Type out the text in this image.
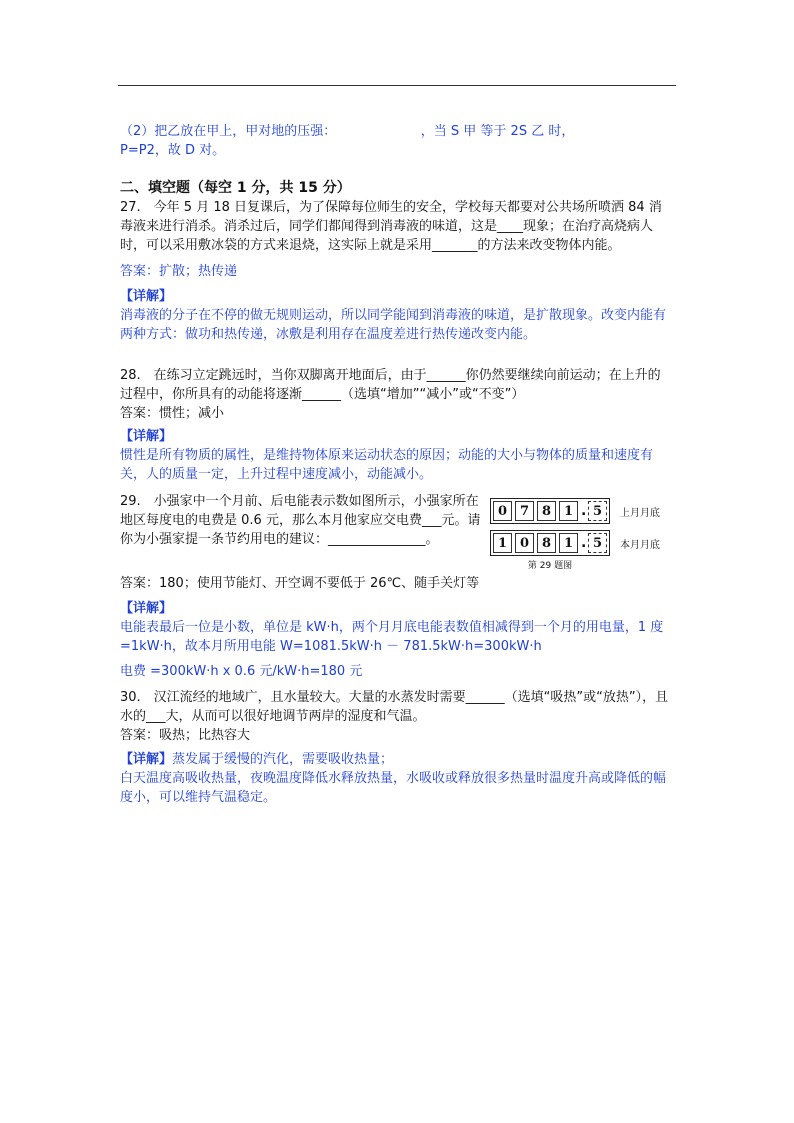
（2）把乙放在甲上，甲对地的压强：　　　　　　　，当 S 甲 等于 2S 乙 时，
P=P2，故 D 对。
二、填空题（每空 1 分，共 15 分）
27.　今年 5 月 18 日复课后，为了保障每位师生的安全，学校每天都要对公共场所喷洒 84 消毒液来进行消杀。消杀过后，同学们都闻得到消毒液的味道，这是____现象；在治疗高烧病人时，可以采用敷冰袋的方式来退烧，这实际上就是采用_______的方法来改变物体内能。
答案：扩散；热传递
【详解】
消毒液的分子在不停的做无规则运动，所以同学能闻到消毒液的味道，是扩散现象。改变内能有两种方式：做功和热传递，冰敷是利用存在温度差进行热传递改变内能。
28.　在练习立定跳远时，当你双脚离开地面后，由于______你仍然要继续向前运动；在上升的过程中，你所具有的动能将逐渐______（选填“增加”“减小”或“不变”）
答案：惯性；减小
【详解】
惯性是所有物质的属性，是维持物体原来运动状态的原因；动能的大小与物体的质量和速度有关，人的质量一定，上升过程中速度减小，动能减小。
29.　小强家中一个月前、后电能表示数如图所示，小强家所在地区每度电的电费是 0.6 元，那么本月他家应交电费___元。请你为小强家提一条节约用电的建议：_______________。
答案：180；使用节能灯、开空调不要低于 26℃、随手关灯等
【详解】
电能表最后一位是小数，单位是 kW·h，两个月月底电能表数值相减得到一个月的用电量，1 度=1kW·h，故本月所用电能 W=1081.5kW·h － 781.5kW·h=300kW·h
电费 =300kW·h x 0.6 元/kW·h=180 元
0 7 8 1 . 5	上月月底
1 0 8 1 . 5	本月月底
第 29 题图
30.　汉江流经的地域广，且水量较大。大量的水蒸发时需要______（选填“吸热”或“放热”），且水的___大，从而可以很好地调节两岸的湿度和气温。
答案：吸热；比热容大
【详解】蒸发属于缓慢的汽化，需要吸收热量；
白天温度高吸收热量，夜晚温度降低水释放热量，水吸收或释放很多热量时温度升高或降低的幅度小，可以维持气温稳定。
